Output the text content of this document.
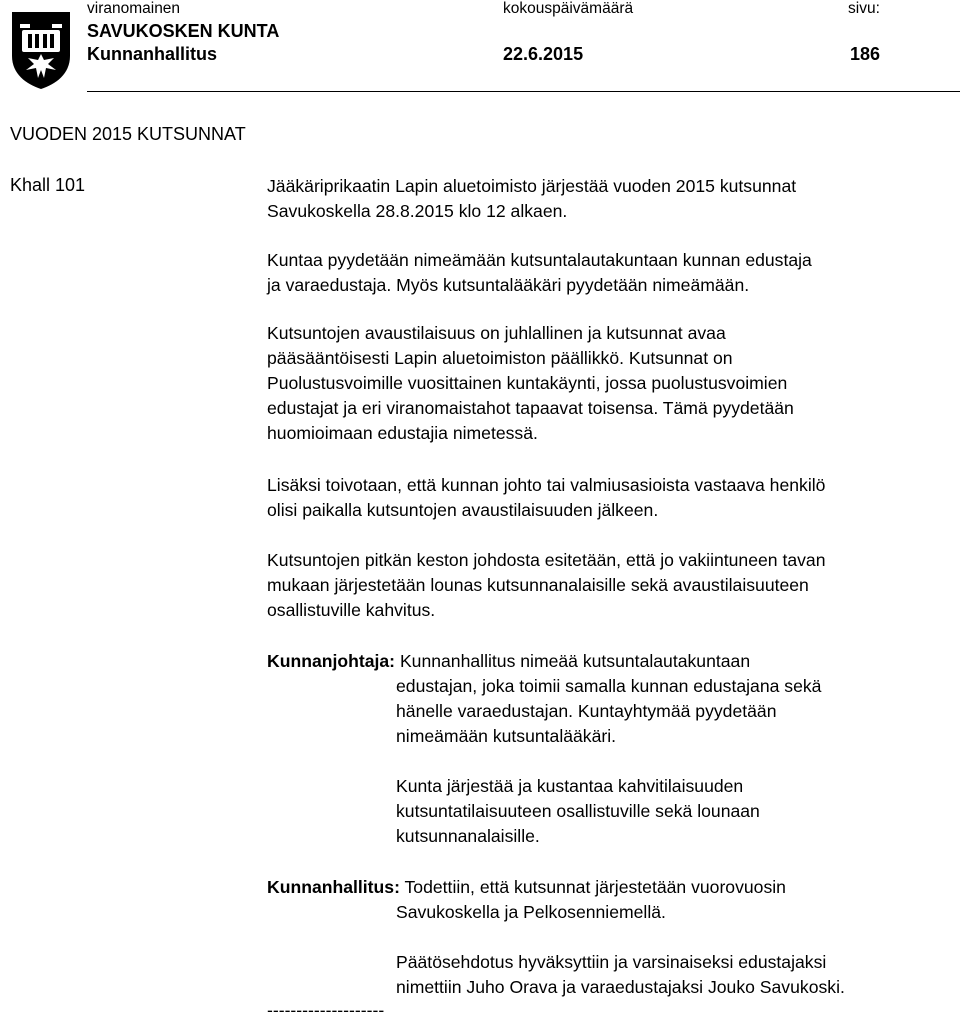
viranomainen	kokouspäivämäärä	sivu:
SAVUKOSKEN KUNTA
Kunnanhallitus	22.6.2015	186
VUODEN 2015 KUTSUNNAT
Khall 101	Jääkäriprikaatin Lapin aluetoimisto järjestää vuoden 2015 kutsunnat
Savukoskella 28.8.2015 klo 12 alkaen.
Kuntaa pyydetään nimeämään kutsuntalautakuntaan kunnan edustaja
ja varaedustaja. Myös kutsuntalääkäri pyydetään nimeämään.
Kutsuntojen avaustilaisuus on juhlallinen ja kutsunnat avaa
pääsääntöisesti Lapin aluetoimiston päällikkö. Kutsunnat on
Puolustusvoimille vuosittainen kuntakäynti, jossa puolustusvoimien
edustajat ja eri viranomaistahot tapaavat toisensa. Tämä pyydetään
huomioimaan edustajia nimetessä.
Lisäksi toivotaan, että kunnan johto tai valmiusasioista vastaava henkilö
olisi paikalla kutsuntojen avaustilaisuuden jälkeen.
Kutsuntojen pitkän keston johdosta esitetään, että jo vakiintuneen tavan
mukaan järjestetään lounas kutsunnanalaisille sekä avaustilaisuuteen
osallistuville kahvitus.
Kunnanjohtaja: Kunnanhallitus nimeää kutsuntalautakuntaan
edustajan, joka toimii samalla kunnan edustajana sekä
hänelle varaedustajan. Kuntayhtymää pyydetään
nimeämään kutsuntalääkäri.
Kunta järjestää ja kustantaa kahvitilaisuuden
kutsuntatilaisuuteen osallistuville sekä lounaan
kutsunnanalaisille.
Kunnanhallitus: Todettiin, että kutsunnat järjestetään vuorovuosin
Savukoskella ja Pelkosenniemellä.
Päätösehdotus hyväksyttiin ja varsinaiseksi edustajaksi
nimettiin Juho Orava ja varaedustajaksi Jouko Savukoski.
--------------------
